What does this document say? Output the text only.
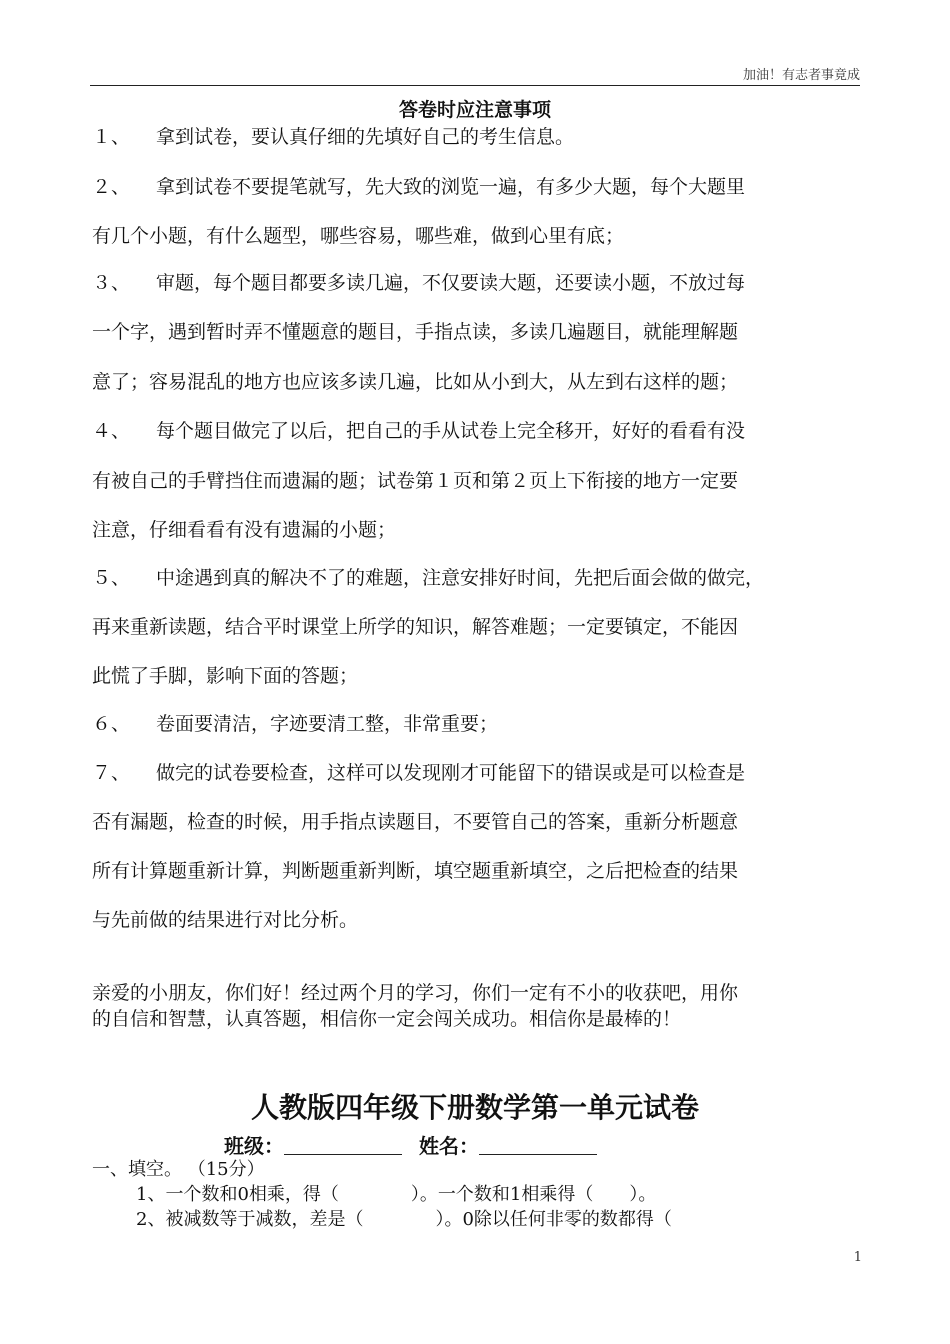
加油！有志者事竟成
答卷时应注意事项
１、 拿到试卷，要认真仔细的先填好自己的考生信息。
２、 拿到试卷不要提笔就写，先大致的浏览一遍，有多少大题，每个大题里
有几个小题，有什么题型，哪些容易，哪些难，做到心里有底；
３、 审题，每个题目都要多读几遍，不仅要读大题，还要读小题，不放过每
一个字，遇到暂时弄不懂题意的题目，手指点读，多读几遍题目，就能理解题
意了；容易混乱的地方也应该多读几遍，比如从小到大，从左到右这样的题；
４、 每个题目做完了以后，把自己的手从试卷上完全移开，好好的看看有没
有被自己的手臂挡住而遗漏的题；试卷第１页和第２页上下衔接的地方一定要
注意，仔细看看有没有遗漏的小题；
５、 中途遇到真的解决不了的难题，注意安排好时间，先把后面会做的做完，
再来重新读题，结合平时课堂上所学的知识，解答难题；一定要镇定，不能因
此慌了手脚，影响下面的答题；
６、 卷面要清洁，字迹要清工整，非常重要；
７、 做完的试卷要检查，这样可以发现刚才可能留下的错误或是可以检查是
否有漏题，检查的时候，用手指点读题目，不要管自己的答案，重新分析题意
所有计算题重新计算，判断题重新判断，填空题重新填空，之后把检查的结果
与先前做的结果进行对比分析。
亲爱的小朋友，你们好！经过两个月的学习，你们一定有不小的收获吧，用你
的自信和智慧，认真答题，相信你一定会闯关成功。相信你是最棒的！
人教版四年级下册数学第一单元试卷
班级：	姓名：
一、填空。 （15分）
1、一个数和0相乘，得（　　　　）。一个数和1相乘得（　　）。
2、被减数等于减数，差是（　　　　）。0除以任何非零的数都得（
1
